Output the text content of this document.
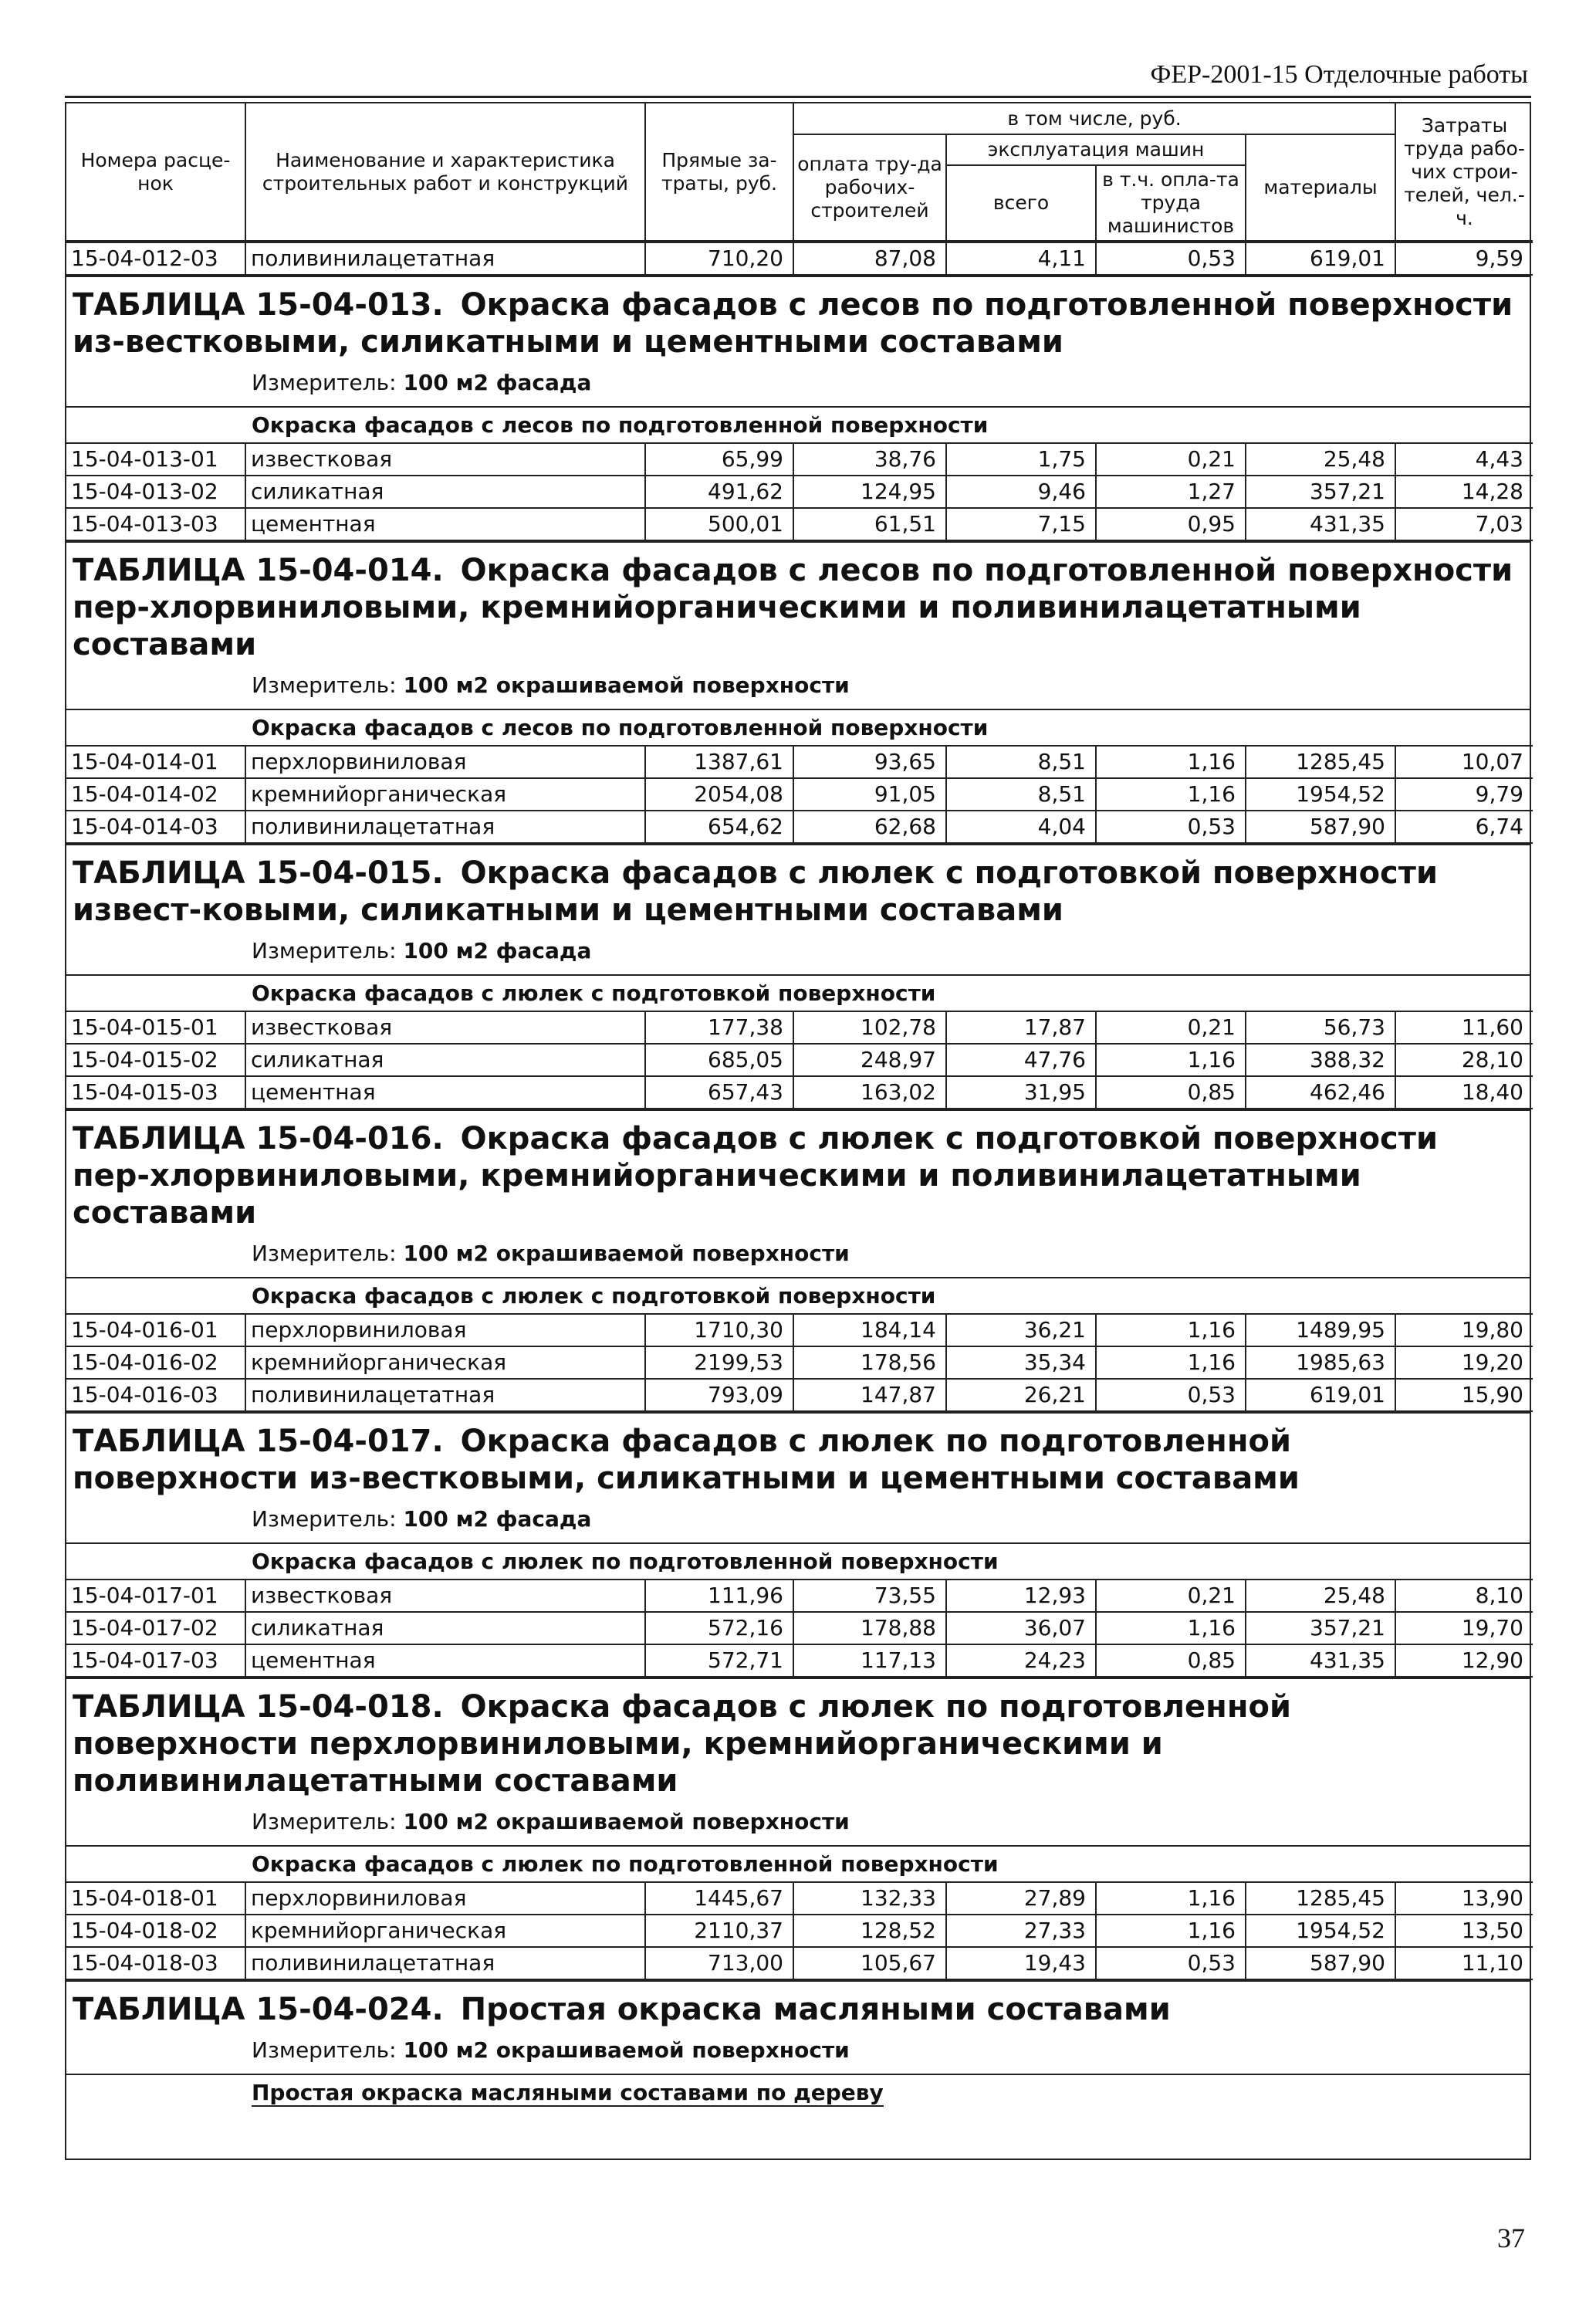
ФЕР-2001-15 Отделочные работы
Номера расце-нок	Наименование и характеристика строительных работ и конструкций	Прямые за-траты, руб.	в том числе, руб.				Затраты труда рабо-чих строи-телей, чел.-ч.
			оплата тру-да рабочих-строителей	эксплуатация машин		материалы	
				всего	в т.ч. опла-та труда машинистов		

15-04-012-03	поливинилацетатная	710,20	87,08	4,11	0,53	619,01	9,59
ТАБЛИЦА 15-04-013. Окраска фасадов с лесов по подготовленной поверхности из-вестковыми, силикатными и цементными составами
Измеритель: 100 м2 фасада
Окраска фасадов с лесов по подготовленной поверхности
15-04-013-01	известковая	65,99	38,76	1,75	0,21	25,48	4,43
15-04-013-02	силикатная	491,62	124,95	9,46	1,27	357,21	14,28
15-04-013-03	цементная	500,01	61,51	7,15	0,95	431,35	7,03
ТАБЛИЦА 15-04-014. Окраска фасадов с лесов по подготовленной поверхности пер-хлорвиниловыми, кремнийорганическими и поливинилацетатными составами
Измеритель: 100 м2 окрашиваемой поверхности
Окраска фасадов с лесов по подготовленной поверхности
15-04-014-01	перхлорвиниловая	1387,61	93,65	8,51	1,16	1285,45	10,07
15-04-014-02	кремнийорганическая	2054,08	91,05	8,51	1,16	1954,52	9,79
15-04-014-03	поливинилацетатная	654,62	62,68	4,04	0,53	587,90	6,74
ТАБЛИЦА 15-04-015. Окраска фасадов с люлек с подготовкой поверхности извест-ковыми, силикатными и цементными составами
Измеритель: 100 м2 фасада
Окраска фасадов с люлек с подготовкой поверхности
15-04-015-01	известковая	177,38	102,78	17,87	0,21	56,73	11,60
15-04-015-02	силикатная	685,05	248,97	47,76	1,16	388,32	28,10
15-04-015-03	цементная	657,43	163,02	31,95	0,85	462,46	18,40
ТАБЛИЦА 15-04-016. Окраска фасадов с люлек с подготовкой поверхности пер-хлорвиниловыми, кремнийорганическими и поливинилацетатными составами
Измеритель: 100 м2 окрашиваемой поверхности
Окраска фасадов с люлек с подготовкой поверхности
15-04-016-01	перхлорвиниловая	1710,30	184,14	36,21	1,16	1489,95	19,80
15-04-016-02	кремнийорганическая	2199,53	178,56	35,34	1,16	1985,63	19,20
15-04-016-03	поливинилацетатная	793,09	147,87	26,21	0,53	619,01	15,90
ТАБЛИЦА 15-04-017. Окраска фасадов с люлек по подготовленной поверхности из-вестковыми, силикатными и цементными составами
Измеритель: 100 м2 фасада
Окраска фасадов с люлек по подготовленной поверхности
15-04-017-01	известковая	111,96	73,55	12,93	0,21	25,48	8,10
15-04-017-02	силикатная	572,16	178,88	36,07	1,16	357,21	19,70
15-04-017-03	цементная	572,71	117,13	24,23	0,85	431,35	12,90
ТАБЛИЦА 15-04-018. Окраска фасадов с люлек по подготовленной поверхности перхлорвиниловыми, кремнийорганическими и поливинилацетатными составами
Измеритель: 100 м2 окрашиваемой поверхности
Окраска фасадов с люлек по подготовленной поверхности
15-04-018-01	перхлорвиниловая	1445,67	132,33	27,89	1,16	1285,45	13,90
15-04-018-02	кремнийорганическая	2110,37	128,52	27,33	1,16	1954,52	13,50
15-04-018-03	поливинилацетатная	713,00	105,67	19,43	0,53	587,90	11,10
ТАБЛИЦА 15-04-024. Простая окраска масляными составами
Измеритель: 100 м2 окрашиваемой поверхности
Простая окраска масляными составами по дереву
37
